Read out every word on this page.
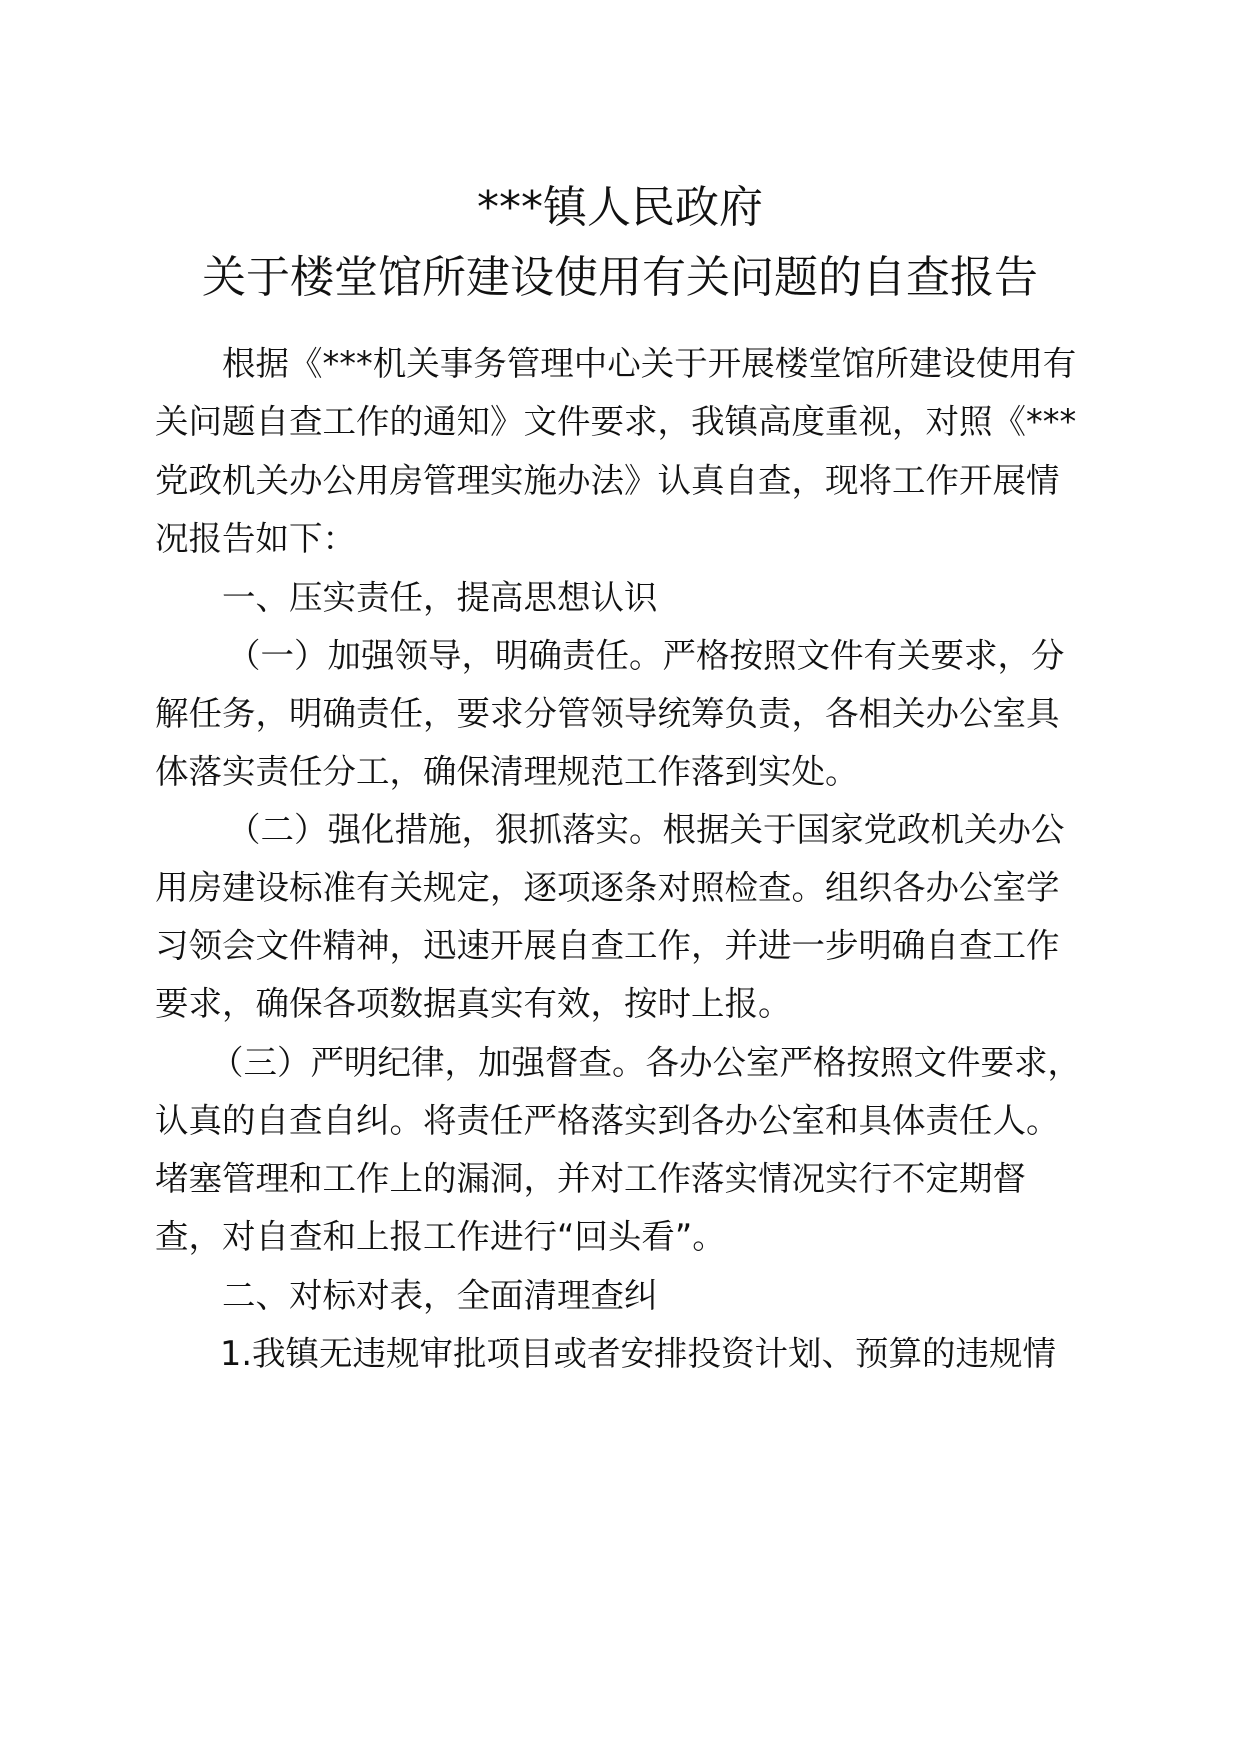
***镇人民政府
关于楼堂馆所建设使用有关问题的自查报告
根据《***机关事务管理中心关于开展楼堂馆所建设使用有
关问题自查工作的通知》文件要求，我镇高度重视，对照《***
党政机关办公用房管理实施办法》认真自查，现将工作开展情
况报告如下：
一、压实责任，提高思想认识
（一）加强领导，明确责任。严格按照文件有关要求，分
解任务，明确责任，要求分管领导统筹负责，各相关办公室具
体落实责任分工，确保清理规范工作落到实处。
（二）强化措施，狠抓落实。根据关于国家党政机关办公
用房建设标准有关规定，逐项逐条对照检查。组织各办公室学
习领会文件精神，迅速开展自查工作，并进一步明确自查工作
要求，确保各项数据真实有效，按时上报。
（三）严明纪律，加强督查。各办公室严格按照文件要求，
认真的自查自纠。将责任严格落实到各办公室和具体责任人。
堵塞管理和工作上的漏洞，并对工作落实情况实行不定期督
查，对自查和上报工作进行“回头看”。
二、对标对表，全面清理查纠
1.我镇无违规审批项目或者安排投资计划、预算的违规情
